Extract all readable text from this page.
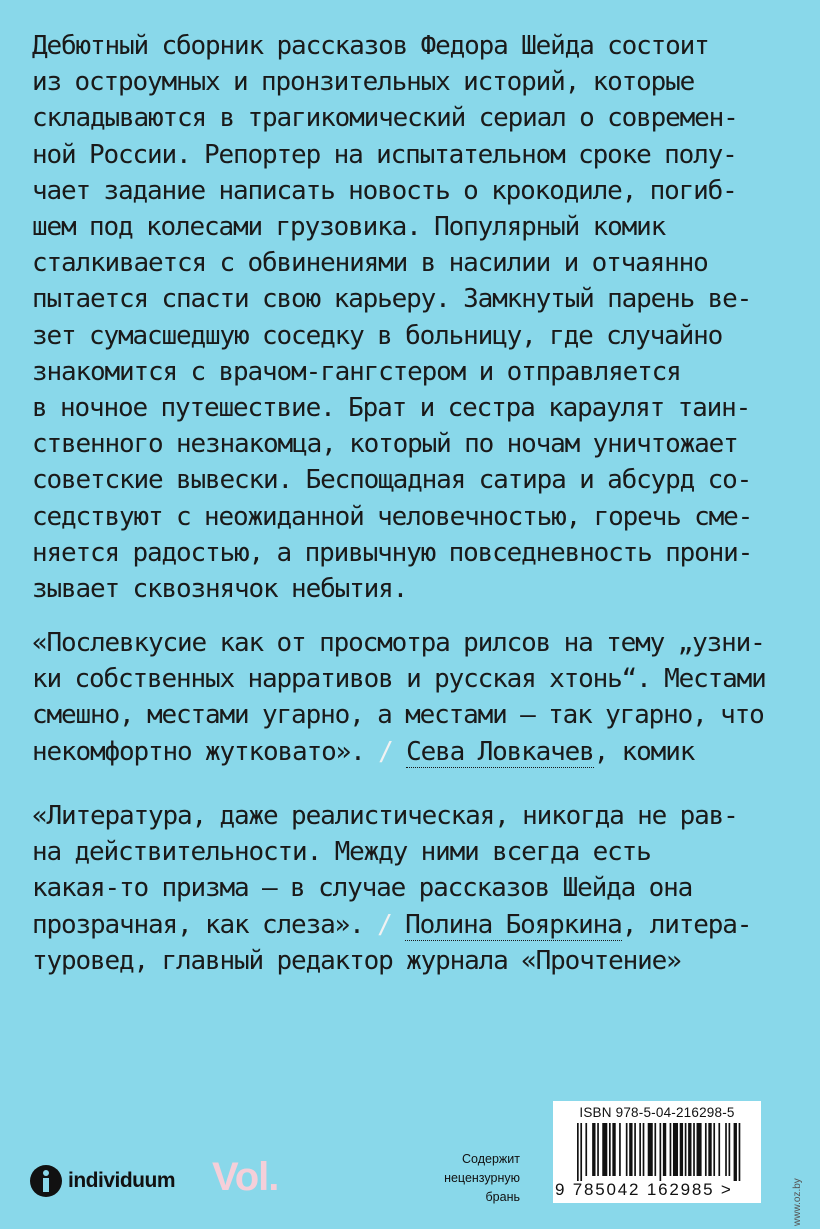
Дебютный сборник рассказов Федора Шейда состоит
из остроумных и пронзительных историй, которые
складываются в трагикомический сериал о современ-
ной России. Репортер на испытательном сроке полу-
чает задание написать новость о крокодиле, погиб-
шем под колесами грузовика. Популярный комик
сталкивается с обвинениями в насилии и отчаянно
пытается спасти свою карьеру. Замкнутый парень ве-
зет сумасшедшую соседку в больницу, где случайно
знакомится с врачом-гангстером и отправляется
в ночное путешествие. Брат и сестра караулят таин-
ственного незнакомца, который по ночам уничтожает
советские вывески. Беспощадная сатира и абсурд со-
седствуют с неожиданной человечностью, горечь сме-
няется радостью, а привычную повседневность прони-
зывает сквознячок небытия.
«Послевкусие как от просмотра рилсов на тему „узни-
ки собственных нарративов и русская хтонь“. Местами
смешно, местами угарно, а местами – так угарно, что
некомфортно жутковато». / Сева Ловкачев, комик
«Литература, даже реалистическая, никогда не рав-
на действительности. Между ними всегда есть
какая-то призма – в случае рассказов Шейда она
прозрачная, как слеза». / Полина Бояркина, литера-
туровед, главный редактор журнала «Прочтение»
ISBN 978-5-04-216298-5
9 785042 162985 >
individuum Vol.	Содержит
нецензурную
брань	www.oz.by
